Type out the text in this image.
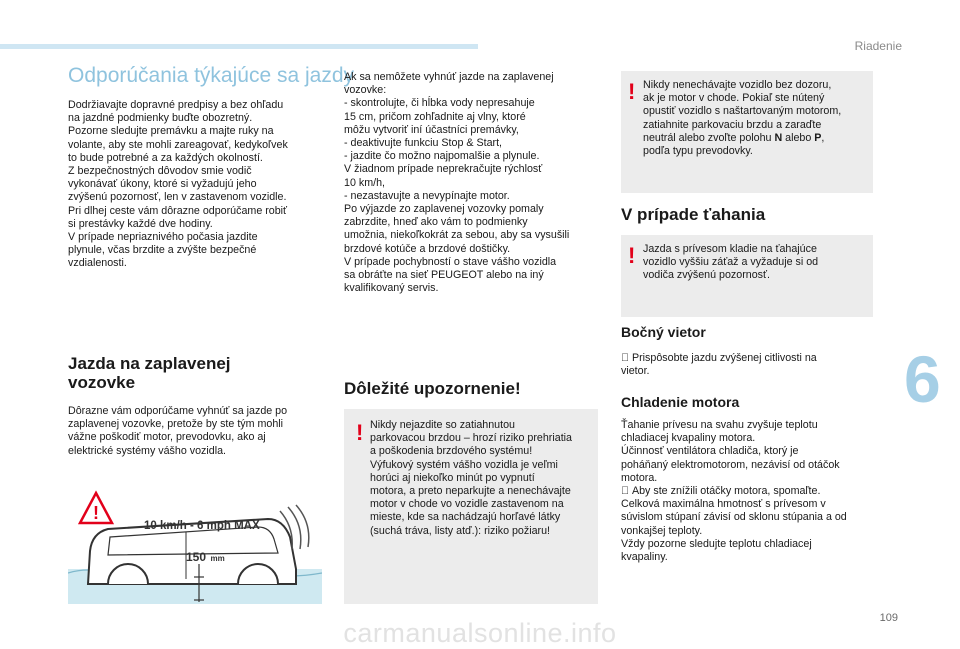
Riadenie
6
Odporúčania týkajúce sa jazdy

Dodržiavajte dopravné predpisy a bez ohľadu
na jazdné podmienky buďte obozretný.
Pozorne sledujte premávku a majte ruky na
volante, aby ste mohli zareagovať, kedykoľvek
to bude potrebné a za každých okolností.
Z bezpečnostných dôvodov smie vodič
vykonávať úkony, ktoré si vyžadujú jeho
zvýšenú pozornosť, len v zastavenom vozidle.
Pri dlhej ceste vám dôrazne odporúčame robiť
si prestávky každé dve hodiny.
V prípade nepriaznivého počasia jazdite
plynule, včas brzdite a zvýšte bezpečné
vzdialenosti.

Jazda na zaplavenej
vozovke

Dôrazne vám odporúčame vyhnúť sa jazde po
zaplavenej vozovke, pretože by ste tým mohli
vážne poškodiť motor, prevodovku, ako aj
elektrické systémy vášho vozidla.

!
10 km/h - 6 mph MAX
150 mm

Ak sa nemôžete vyhnúť jazde na zaplavenej
vozovke:
- skontrolujte, či hĺbka vody nepresahuje
15 cm, pričom zohľadnite aj vlny, ktoré
môžu vytvoriť iní účastníci premávky,
- deaktivujte funkciu Stop & Start,
- jazdite čo možno najpomalšie a plynule.
V žiadnom prípade neprekračujte rýchlosť
10 km/h,
- nezastavujte a nevypínajte motor.
Po výjazde zo zaplavenej vozovky pomaly
zabrzdite, hneď ako vám to podmienky
umožnia, niekoľkokrát za sebou, aby sa vysušili
brzdové kotúče a brzdové doštičky.
V prípade pochybností o stave vášho vozidla
sa obráťte na sieť PEUGEOT alebo na iný
kvalifikovaný servis.

Dôležité upozornenie!
! Nikdy nejazdite so zatiahnutou
parkovacou brzdou – hrozí riziko prehriatia
a poškodenia brzdového systému!
Výfukový systém vášho vozidla je veľmi
horúci aj niekoľko minút po vypnutí
motora, a preto neparkujte a nenechávajte
motor v chode vo vozidle zastavenom na
mieste, kde sa nachádzajú horľavé látky
(suchá tráva, listy atď.): riziko požiaru!

! Nikdy nenechávajte vozidlo bez dozoru,
ak je motor v chode. Pokiaľ ste nútený
opustiť vozidlo s naštartovaným motorom,
zatiahnite parkovaciu brzdu a zaraďte
neutrál alebo zvoľte polohu N alebo P,
podľa typu prevodovky.

V prípade ťahania
! Jazda s prívesom kladie na ťahajúce
vozidlo vyššiu záťaž a vyžaduje si od
vodiča zvýšenú pozornosť.

Bočný vietor

Prispôsobte jazdu zvýšenej citlivosti na
vietor.

Chladenie motora

Ťahanie prívesu na svahu zvyšuje teplotu
chladiacej kvapaliny motora.
Účinnosť ventilátora chladiča, ktorý je
poháňaný elektromotorom, nezávisí od otáčok
motora.
Aby ste znížili otáčky motora, spomaľte.
Celková maximálna hmotnosť s prívesom v
súvislom stúpaní závisí od sklonu stúpania a od
vonkajšej teploty.
Vždy pozorne sledujte teplotu chladiacej
kvapaliny.

109
carmanualsonline.info
